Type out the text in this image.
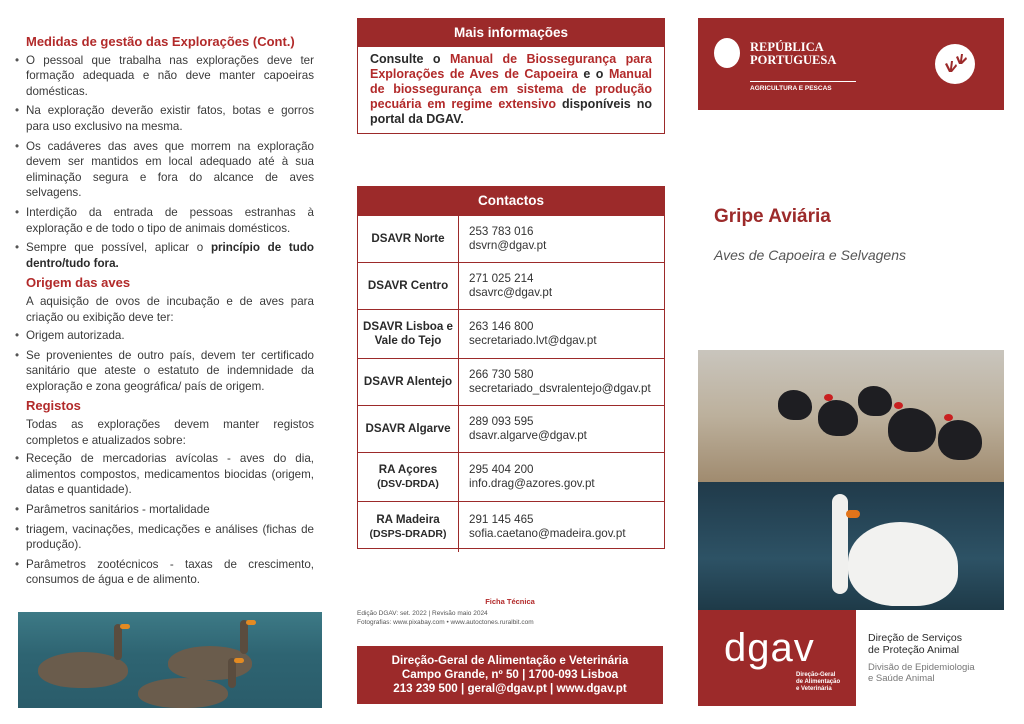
Medidas de gestão das Explorações (Cont.)
• O pessoal que trabalha nas explorações deve ter formação adequada e não deve manter capoeiras domésticas.
• Na exploração deverão existir fatos, botas e gorros para uso exclusivo na mesma.
• Os cadáveres das aves que morrem na exploração devem ser mantidos em local adequado até à sua eliminação segura e fora do alcance de aves selvagens.
• Interdição da entrada de pessoas estranhas à exploração e de todo o tipo de animais domésticos.
• Sempre que possível, aplicar o princípio de tudo dentro/tudo fora.
Origem das aves

A aquisição de ovos de incubação e de aves para criação ou exibição deve ter:

• Origem autorizada.
• Se provenientes de outro país, devem ter certificado sanitário que ateste o estatuto de indemnidade da exploração e zona geográfica/ país de origem.
Registos

Todas as explorações devem manter registos completos e atualizados sobre:

• Receção de mercadorias avícolas - aves do dia, alimentos compostos, medicamentos biocidas (origem, datas e quantidade).
• Parâmetros sanitários - mortalidade
• triagem, vacinações, medicações e análises (fichas de produção).
• Parâmetros zootécnicos - taxas de crescimento, consumos de água e de alimento.
Mais informações
Consulte o Manual de Biossegurança para Explorações de Aves de Capoeira e o Manual de biossegurança em sistema de produção pecuária em regime extensivo disponíveis no portal da DGAV.
Contactos
DSAVR Norte
253 783 016
dsvrn@dgav.pt
DSAVR Centro
271 025 214
dsavrc@dgav.pt
DSAVR Lisboa e Vale do Tejo
263 146 800
secretariado.lvt@dgav.pt
DSAVR Alentejo
266 730 580
secretariado_dsvralentejo@dgav.pt
DSAVR Algarve
289 093 595
dsavr.algarve@dgav.pt
RA Açores
(DSV-DRDA)
295 404 200
info.drag@azores.gov.pt
RA Madeira
(DSPS-DRADR)
291 145 465
sofia.caetano@madeira.gov.pt
Ficha Técnica
Edição DGAV: set. 2022 | Revisão maio 2024
Fotografias: www.pixabay.com • www.autoctones.ruralbit.com
Direção-Geral de Alimentação e Veterinária
Campo Grande, nº 50 | 1700-093 Lisboa
213 239 500 | geral@dgav.pt | www.dgav.pt
REPÚBLICA
PORTUGUESA
AGRICULTURA E PESCAS
Gripe Aviária
Aves de Capoeira e Selvagens
dgav
Direção-Geral
de Alimentação
e Veterinária
Direção de Serviços
de Proteção Animal
Divisão de Epidemiologia
e Saúde Animal
